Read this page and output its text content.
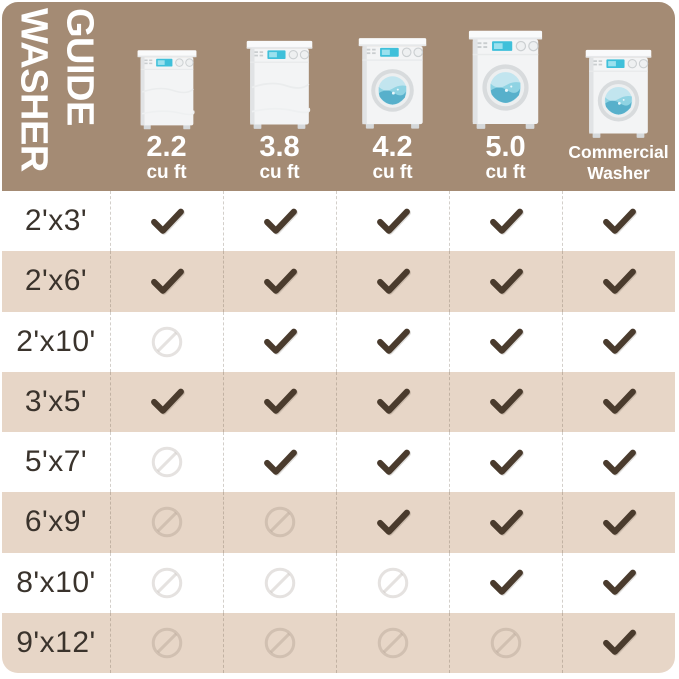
WASHER GUIDE
2.2
cu ft
3.8
cu ft
4.2
cu ft
5.0
cu ft
Commercial
Washer
2'x3'
2'x6'
2'x10'
3'x5'
5'x7'
6'x9'
8'x10'
9'x12'
